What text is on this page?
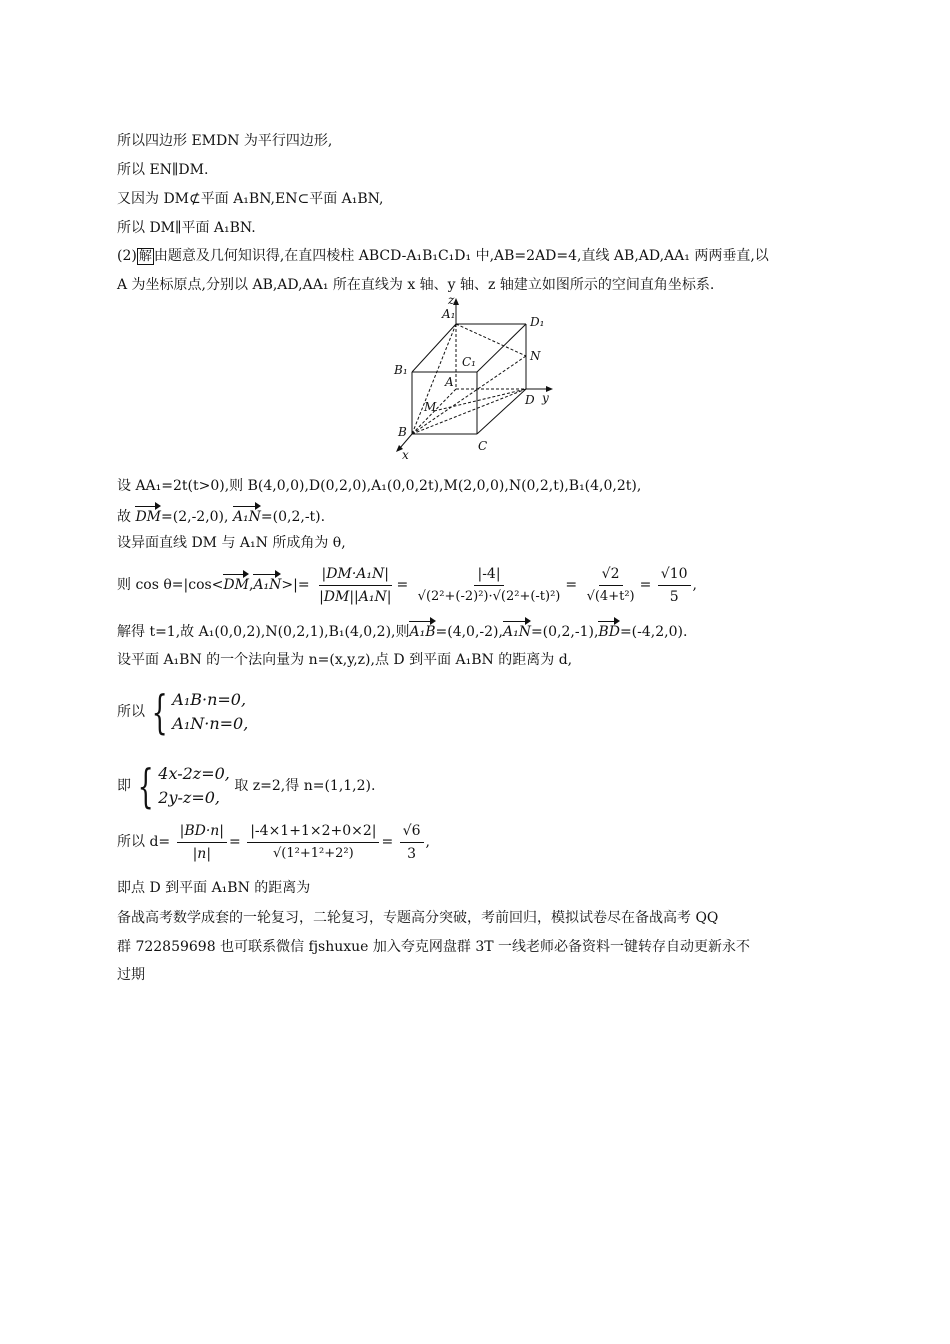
所以四边形 EMDN 为平行四边形,
所以 EN∥DM.
又因为 DM⊄平面 A₁BN,EN⊂平面 A₁BN,
所以 DM∥平面 A₁BN.
(2) 解 由题意及几何知识得,在直四棱柱 ABCD-A₁B₁C₁D₁ 中,AB=2AD=4,直线 AB,AD,AA₁ 两两垂直,以
A 为坐标原点,分别以 AB,AD,AA₁ 所在直线为 x 轴、y 轴、z 轴建立如图所示的空间直角坐标系.
A₁
D₁
B₁
C₁
A
B
C
D
M
N
x
y
z
设 AA₁=2t(t>0),则 B(4,0,0),D(0,2,0),A₁(0,0,2t),M(2,0,0),N(0,2,t),B₁(4,0,2t),
故 DM=(2,-2,0), A₁N=(0,2,-t).
设异面直线 DM 与 A₁N 所成角为 θ,
则 $\cos \theta=|\cos<DM,A_1N>|= \frac{\text{|DM·A₁N|}}{\text{|DM||A₁N|}} = \frac{|-4|}{\text{√(2²+(-2)²)·√(2²+(-t)²)}} = \frac{√2}{\text{√(4+t²)}} = \frac{√10}{5}$ ,
解得 t=1,故 A₁(0,0,2),N(0,2,1),B₁(4,0,2),则A₁B=(4,0,-2),A₁N=(0,2,-1),BD=(-4,2,0).
设平面 A₁BN 的一个法向量为 n=(x,y,z),点 D 到平面 A₁BN 的距离为 d,
所以 { A₁B·n=0,
A₁N·n=0,
即 { 4x-2z=0,
2y-z=0,
取 z=2,得 n=(1,1,2).
所以 $d= \frac{|BD\cdot n|}{|n|} = \frac{|-4\times 1+1\times 2+0\times 2|}{\text{√(1²+1²+2²)}} = \frac{√6}{3}$ ,
即点 D 到平面 A₁BN 的距离为
备战高考数学成套的一轮复习，二轮复习，专题高分突破，考前回归，模拟试卷尽在备战高考 QQ
群 722859698 也可联系微信 fjshuxue 加入夸克网盘群 3T 一线老师必备资料一键转存自动更新永不
过期
